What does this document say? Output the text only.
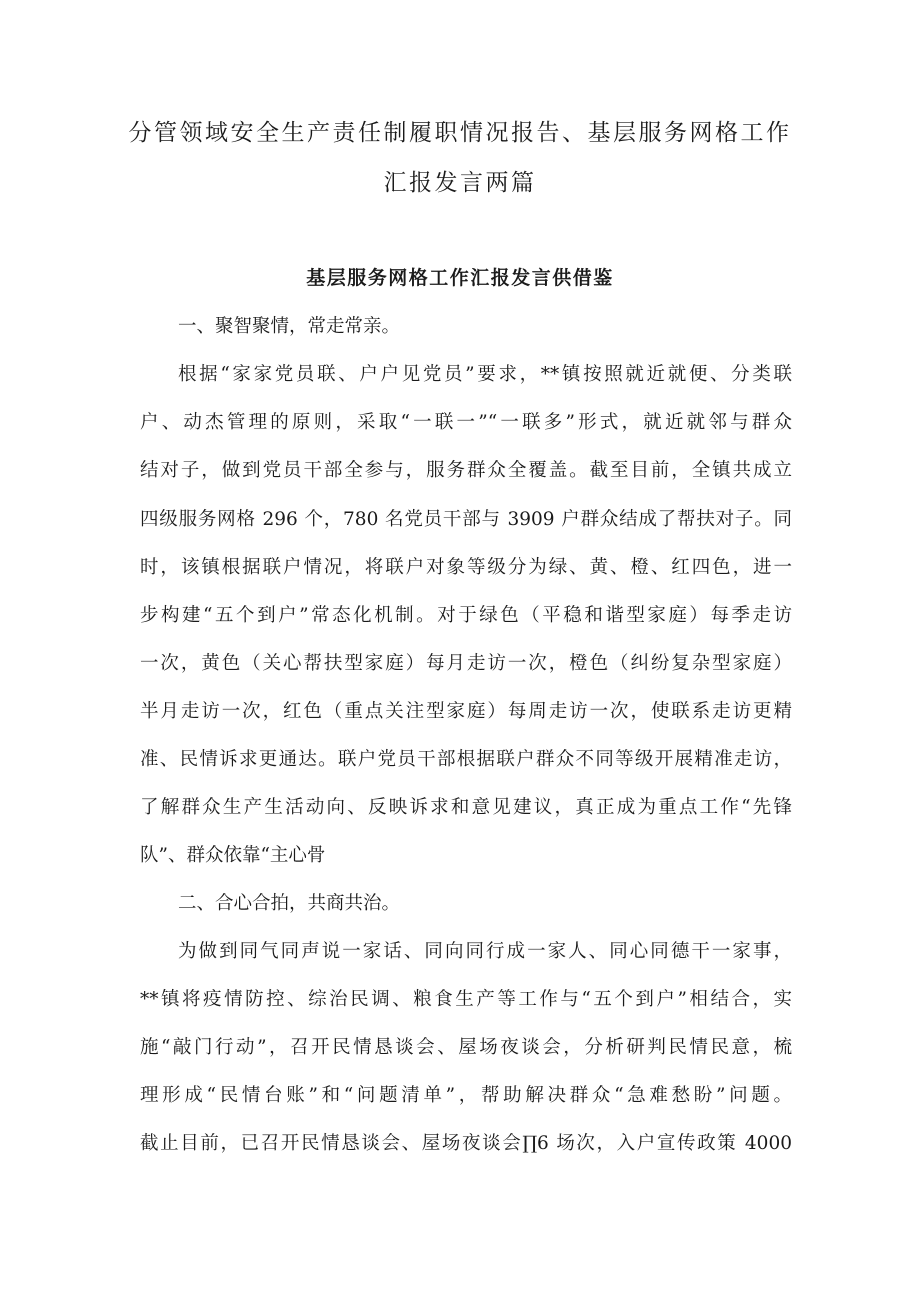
分管领域安全生产责任制履职情况报告、基层服务网格工作
汇报发言两篇
基层服务网格工作汇报发言供借鉴
一、聚智聚情，常走常亲。
根据“家家党员联、户户见党员”要求，**镇按照就近就便、分类联
户、动杰管理的原则，采取“一联一”“一联多”形式，就近就邻与群众
结对子，做到党员干部全参与，服务群众全覆盖。截至目前，全镇共成立
四级服务网格 296 个，780 名党员干部与 3909 户群众结成了帮扶对子。同
时，该镇根据联户情况，将联户对象等级分为绿、黄、橙、红四色，进一
步构建“五个到户”常态化机制。对于绿色（平稳和谐型家庭）每季走访
一次，黄色（关心帮扶型家庭）每月走访一次，橙色（纠纷复杂型家庭）
半月走访一次，红色（重点关注型家庭）每周走访一次，使联系走访更精
准、民情诉求更通达。联户党员干部根据联户群众不同等级开展精准走访，
了解群众生产生活动向、反映诉求和意见建议，真正成为重点工作“先锋
队”、群众依靠“主心骨
二、合心合拍，共商共治。
为做到同气同声说一家话、同向同行成一家人、同心同德干一家事，
**镇将疫情防控、综治民调、粮食生产等工作与“五个到户”相结合，实
施“敲门行动”，召开民情恳谈会、屋场夜谈会，分析研判民情民意，梳
理形成“民情台账”和“问题清单”，帮助解决群众“急难愁盼”问题。
截止目前，已召开民情恳谈会、屋场夜谈会∏6 场次，入户宣传政策 4000
